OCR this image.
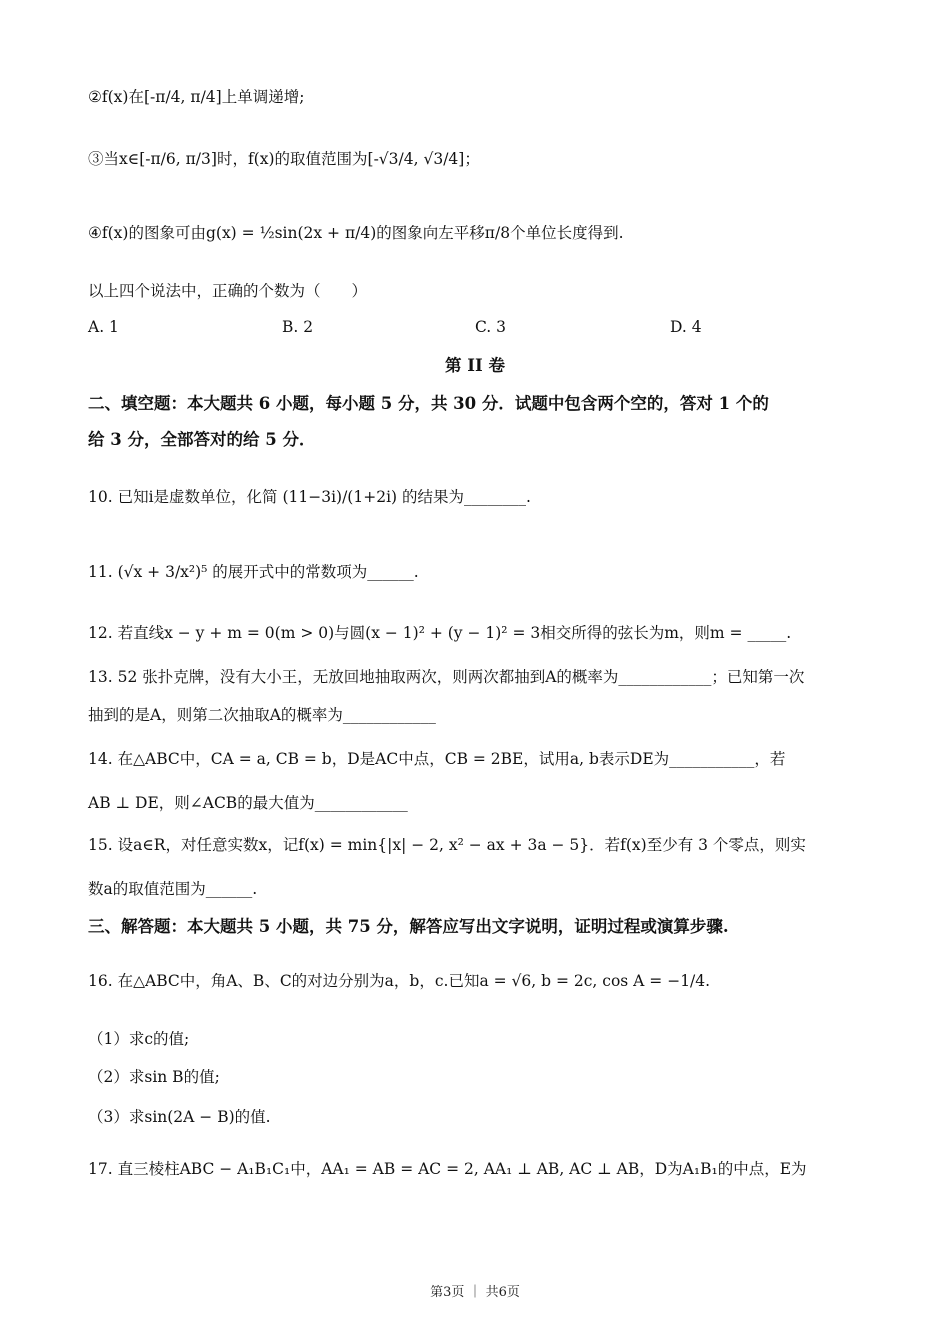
②f(x)在[-π/4, π/4]上单调递增;
③当x∈[-π/6, π/3]时，f(x)的取值范围为[-√3/4, √3/4]；
④f(x)的图象可由g(x) = ½sin(2x + π/4)的图象向左平移π/8个单位长度得到.
以上四个说法中，正确的个数为（　　）
A. 1	B. 2	C. 3	D. 4
第 II 卷
二、填空题：本大题共 6 小题，每小题 5 分，共 30 分．试题中包含两个空的，答对 1 个的
给 3 分，全部答对的给 5 分．
10. 已知i是虚数单位，化简 (11−3i)/(1+2i) 的结果为________.
11. (√x + 3/x²)⁵ 的展开式中的常数项为______.
12. 若直线x − y + m = 0(m > 0)与圆(x − 1)² + (y − 1)² = 3相交所得的弦长为m，则m = _____.
13. 52 张扑克牌，没有大小王，无放回地抽取两次，则两次都抽到A的概率为____________；已知第一次
抽到的是A，则第二次抽取A的概率为____________
14. 在△ABC中，CA = a, CB = b，D是AC中点，CB = 2BE，试用a, b表示DE为___________，若
AB ⊥ DE，则∠ACB的最大值为____________
15. 设a∈R，对任意实数x，记f(x) = min{|x| − 2, x² − ax + 3a − 5}．若f(x)至少有 3 个零点，则实
数a的取值范围为______.
三、解答题：本大题共 5 小题，共 75 分，解答应写出文字说明，证明过程或演算步骤.
16. 在△ABC中，角A、B、C的对边分别为a，b，c.已知a = √6, b = 2c, cos A = −1/4.
（1）求c的值;
（2）求sin B的值;
（3）求sin(2A − B)的值.
17. 直三棱柱ABC − A₁B₁C₁中，AA₁ = AB = AC = 2, AA₁ ⊥ AB, AC ⊥ AB，D为A₁B₁的中点，E为
第3页 ｜ 共6页
